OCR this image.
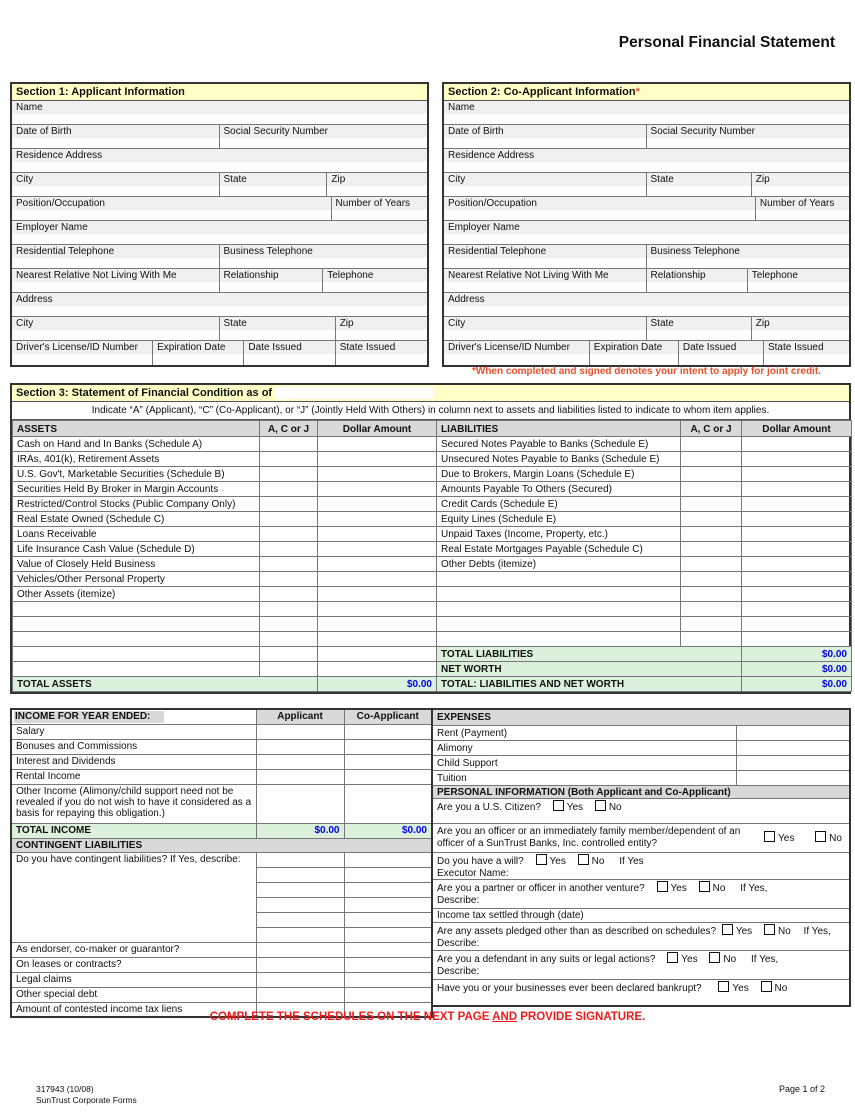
Personal Financial Statement
Section 1: Applicant Information
Name
Date of Birth	Social Security Number
Residence Address
City	State	Zip
Position/Occupation	Number of Years
Employer Name
Residential Telephone	Business Telephone
Nearest Relative Not Living With Me	Relationship	Telephone
Address
City	State	Zip
Driver's License/ID Number	Expiration Date	Date Issued	State Issued
Section 2: Co-Applicant Information*
Name
Date of Birth	Social Security Number
Residence Address
City	State	Zip
Position/Occupation	Number of Years
Employer Name
Residential Telephone	Business Telephone
Nearest Relative Not Living With Me	Relationship	Telephone
Address
City	State	Zip
Driver's License/ID Number	Expiration Date	Date Issued	State Issued
*When completed and signed denotes your intent to apply for joint credit.
Section 3: Statement of Financial Condition as of
Indicate “A” (Applicant), “C” (Co-Applicant), or “J” (Jointly Held With Others) in column next to assets and liabilities listed to indicate to whom item applies.
ASSETS	A, C or J	Dollar Amount	LIABILITIES	A, C or J	Dollar Amount
Cash on Hand and In Banks (Schedule A)			Secured Notes Payable to Banks (Schedule E)		
IRAs, 401(k), Retirement Assets			Unsecured Notes Payable to Banks (Schedule E)		
U.S. Gov't, Marketable Securities (Schedule B)			Due to Brokers, Margin Loans (Schedule E)		
Securities Held By Broker in Margin Accounts			Amounts Payable To Others (Secured)		
Restricted/Control Stocks (Public Company Only)			Credit Cards (Schedule E)		
Real Estate Owned (Schedule C)			Equity Lines (Schedule E)		
Loans Receivable			Unpaid Taxes (Income, Property, etc.)		
Life Insurance Cash Value (Schedule D)			Real Estate Mortgages Payable (Schedule C)		
Value of Closely Held Business			Other Debts (itemize)		
Vehicles/Other Personal Property					
Other Assets (itemize)					

			TOTAL LIABILITIES		$0.00
			NET WORTH		$0.00
TOTAL ASSETS		$0.00	TOTAL: LIABILITIES AND NET WORTH		$0.00
INCOME FOR YEAR ENDED:	Applicant	Co-Applicant
Salary		
Bonuses and Commissions		
Interest and Dividends		
Rental Income		
Other Income (Alimony/child support need not be revealed if you do not wish to have it considered as a basis for repaying this obligation.)		
TOTAL INCOME	$0.00	$0.00
CONTINGENT LIABILITIES		
Do you have contingent liabilities? If Yes, describe:		

As endorser, co-maker or guarantor?		
On leases or contracts?		
Legal claims		
Other special debt		
Amount of contested income tax liens		
EXPENSES	
Rent (Payment)	
Alimony	
Child Support	
Tuition	
PERSONAL INFORMATION (Both Applicant and Co-Applicant)
Are you a U.S. Citizen?	Yes	No
Are you an officer or an immediately family member/dependent of an officer of a SunTrust Banks, Inc. controlled entity?	Yes	No
Do you have a will?	Yes	No If Yes
Executor Name:
Are you a partner or officer in another venture?	Yes	No If Yes,
Describe:
Income tax settled through (date)
Are any assets pledged other than as described on schedules? Yes	No If Yes,
Describe:
Are you a defendant in any suits or legal actions?	Yes	No If Yes,
Describe:
Have you or your businesses ever been declared bankrupt?	Yes	No
COMPLETE THE SCHEDULES ON THE NEXT PAGE AND PROVIDE SIGNATURE.
317943 (10/08)
SunTrust Corporate Forms
Page 1 of 2
